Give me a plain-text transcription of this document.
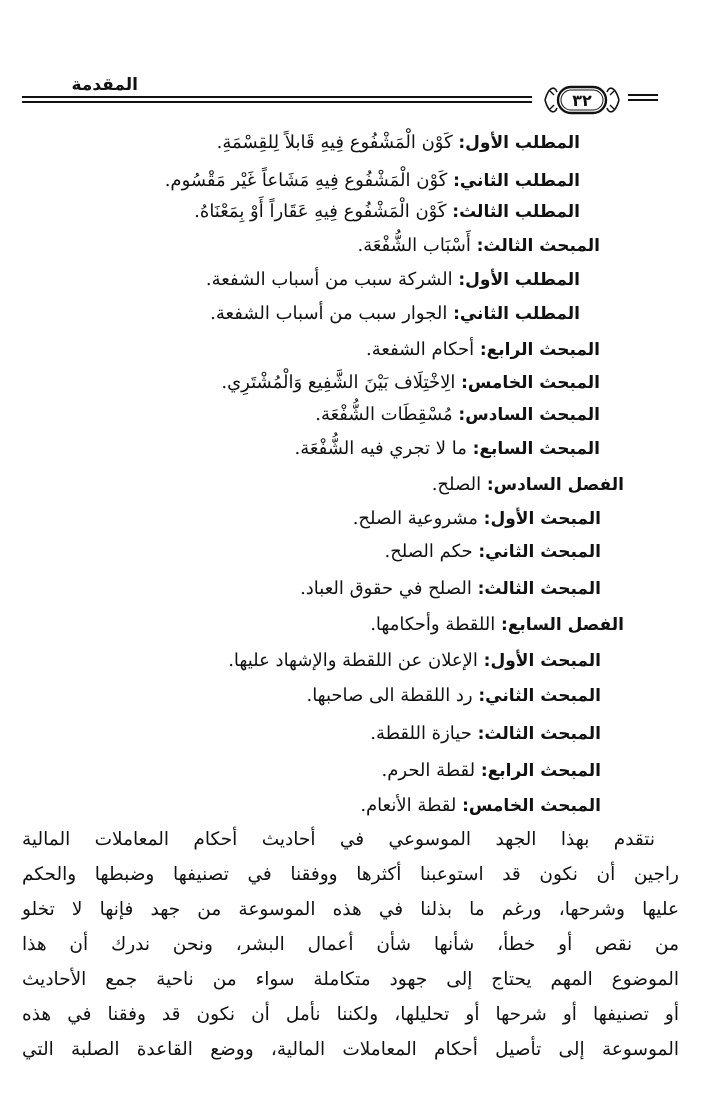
المقدمة
٣٢
المطلب الأول: كَوْن الْمَشْفُوع فِيهِ قَابلاً لِلقِسْمَةِ.
المطلب الثاني: كَوْن الْمَشْفُوع فِيهِ مَشَاعاً غَيْر مَقْسُوم.
المطلب الثالث: كَوْن الْمَشْفُوع فِيهِ عَقَاراً أَوْ بِمَعْنَاهُ.
المبحث الثالث: أَسْبَاب الشُّفْعَة.
المطلب الأول: الشركة سبب من أسباب الشفعة.
المطلب الثاني: الجوار سبب من أسباب الشفعة.
المبحث الرابع: أحكام الشفعة.
المبحث الخامس: الِاخْتِلَاف بَيْنَ الشَّفِيع وَالْمُشْتَرِي.
المبحث السادس: مُسْقِطَات الشُّفْعَة.
المبحث السابع: ما لا تجري فيه الشُّفْعَة.
الفصل السادس: الصلح.
المبحث الأول: مشروعية الصلح.
المبحث الثاني: حكم الصلح.
المبحث الثالث: الصلح في حقوق العباد.
الفصل السابع: اللقطة وأحكامها.
المبحث الأول: الإعلان عن اللقطة والإشهاد عليها.
المبحث الثاني: رد اللقطة الى صاحبها.
المبحث الثالث: حيازة اللقطة.
المبحث الرابع: لقطة الحرم.
المبحث الخامس: لقطة الأنعام.
نتقدم بهذا الجهد الموسوعي في أحاديث أحكام المعاملات المالية
راجين أن نكون قد استوعبنا أكثرها ووفقنا في تصنيفها وضبطها والحكم
عليها وشرحها، ورغم ما بذلنا في هذه الموسوعة من جهد فإنها لا تخلو
من نقص أو خطأ، شأنها شأن أعمال البشر، ونحن ندرك أن هذا
الموضوع المهم يحتاج إلى جهود متكاملة سواء من ناحية جمع الأحاديث
أو تصنيفها أو شرحها أو تحليلها، ولكننا نأمل أن نكون قد وفقنا في هذه
الموسوعة إلى تأصيل أحكام المعاملات المالية، ووضع القاعدة الصلبة التي
